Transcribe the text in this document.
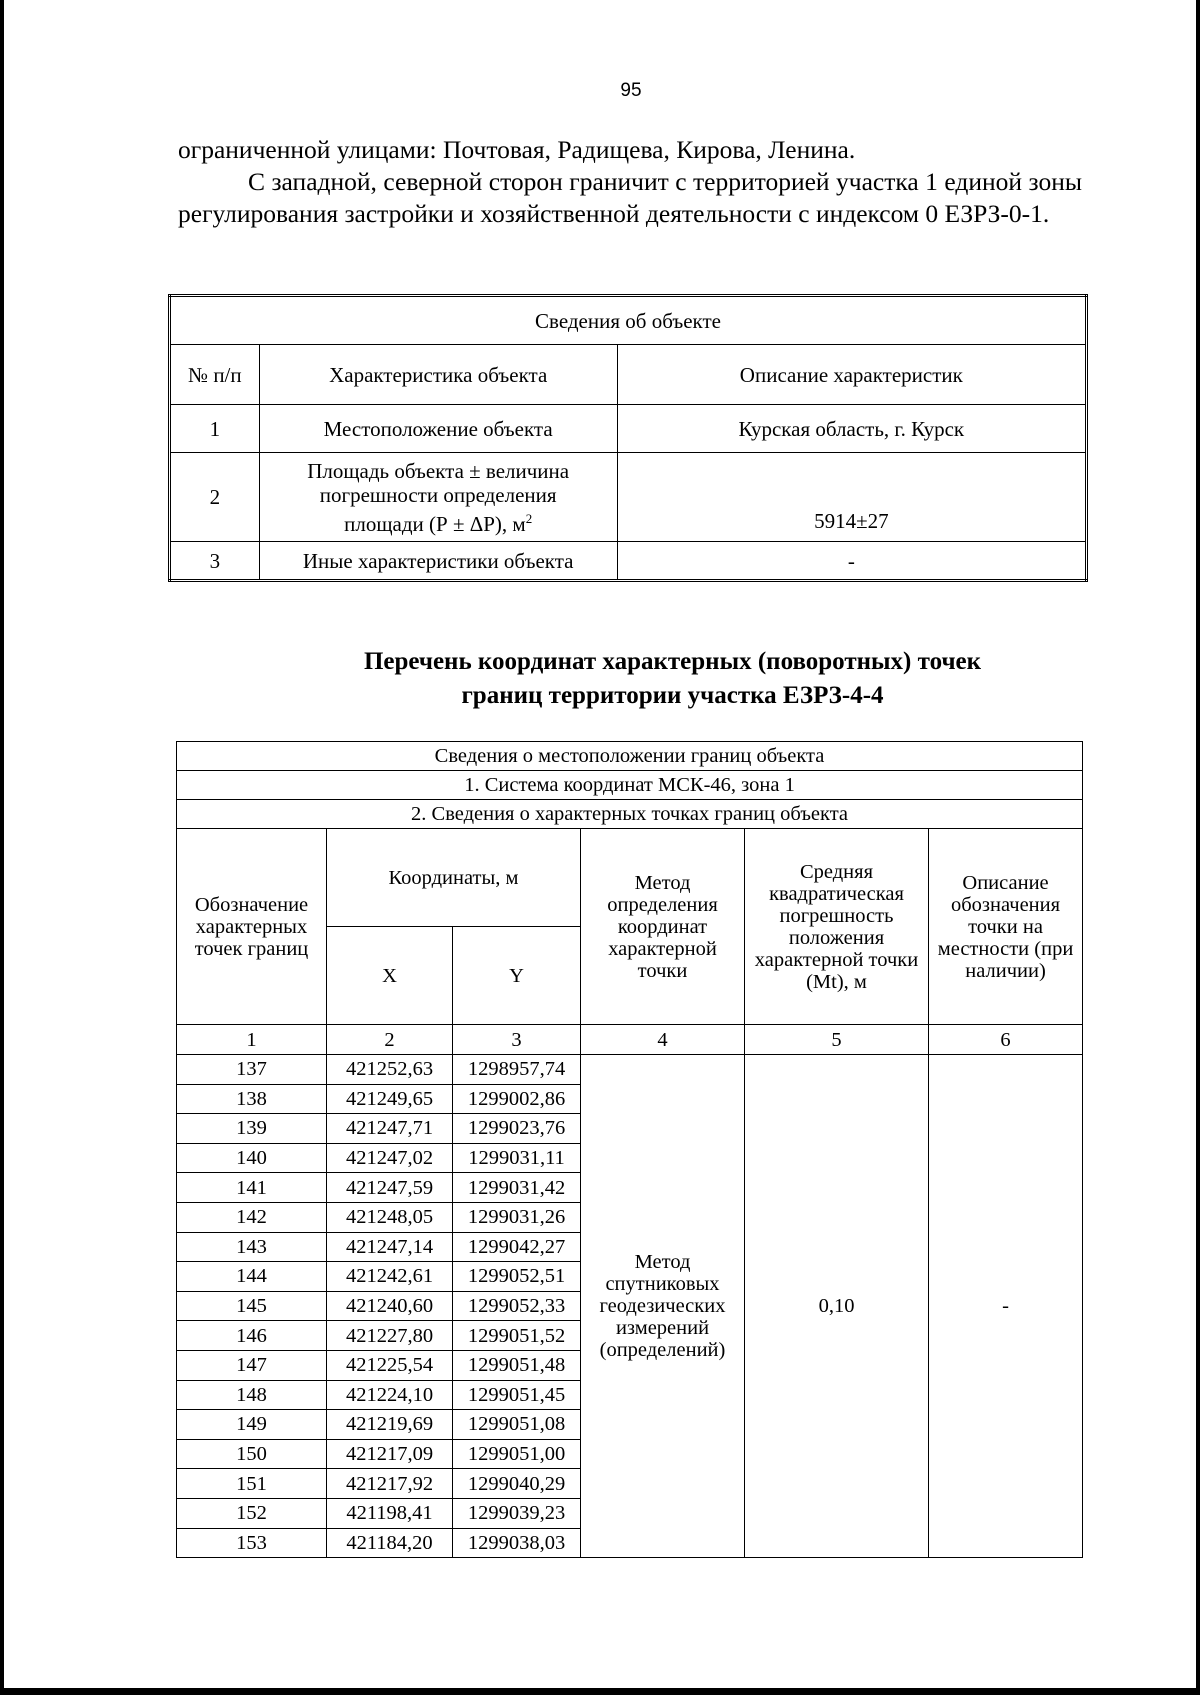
95

ограниченной улицами: Почтовая, Радищева, Кирова, Ленина.

С западной, северной сторон граничит с территорией участка 1 единой зоны регулирования застройки и хозяйственной деятельности с индексом 0 ЕЗРЗ-0-1.

Сведения об объекте		
№ п/п	Характеристика объекта	Описание характеристик
1	Местоположение объекта	Курская область, г. Курск
2	Площадь объекта ± величина погрешности определения площади (Р ± ΔР), $м^2$	5914±27
3	Иные характеристики объекта	-
Перечень координат характерных (поворотных) точек
границ территории участка ЕЗРЗ-4-4
Сведения о местоположении границ объекта					
1. Система координат МСК-46, зона 1					
2. Сведения о характерных точках границ объекта					
Обозначение характерных точек границ	Координаты, м		Метод определения координат характерной точки	Средняя квадратическая погрешность положения характерной точки (Mt), м	Описание обозначения точки на местности (при наличии)
	X	Y			
1	2	3	4	5	6
137	421252,63	1298957,74	Метод спутниковых геодезических измерений (определений)	0,10	-
138	421249,65	1299002,86			
139	421247,71	1299023,76			
140	421247,02	1299031,11			
141	421247,59	1299031,42			
142	421248,05	1299031,26			
143	421247,14	1299042,27			
144	421242,61	1299052,51			
145	421240,60	1299052,33			
146	421227,80	1299051,52			
147	421225,54	1299051,48			
148	421224,10	1299051,45			
149	421219,69	1299051,08			
150	421217,09	1299051,00			
151	421217,92	1299040,29			
152	421198,41	1299039,23			
153	421184,20	1299038,03			
